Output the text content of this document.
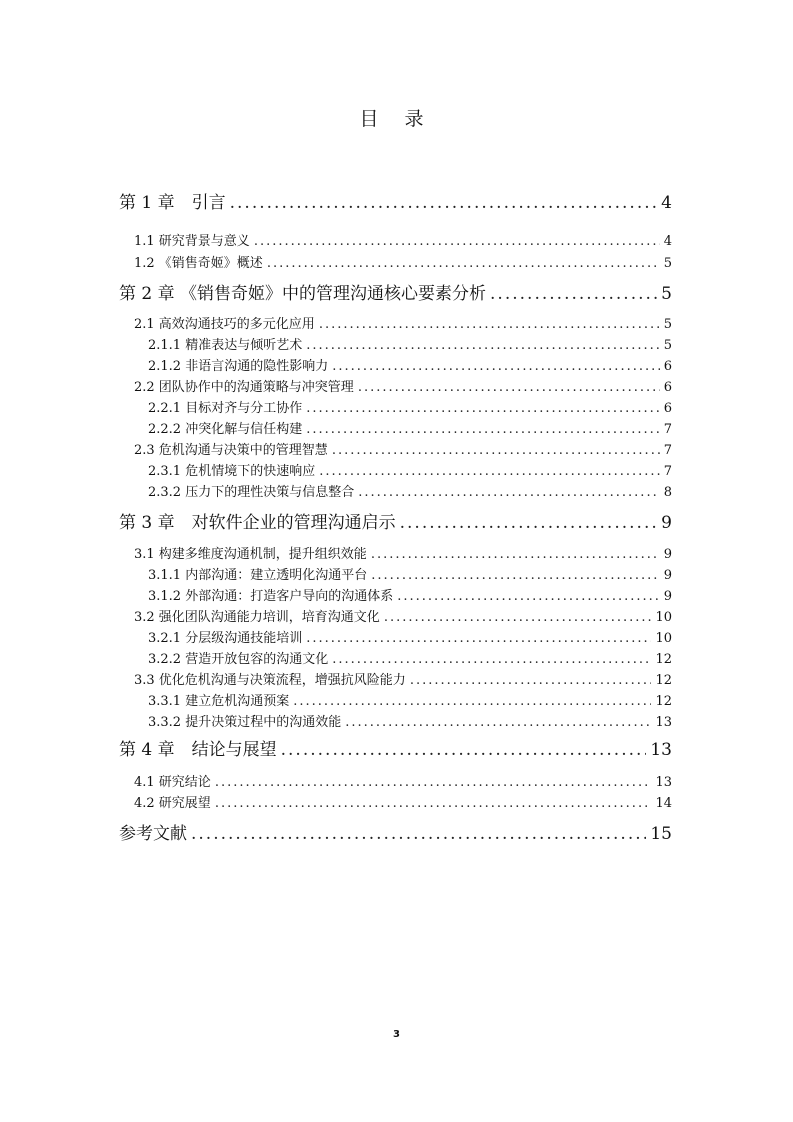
目 录
第 1 章　引言 .....	4
1.1 研究背景与意义 .....	4
1.2 《销售奇姬》概述 .....	5
第 2 章 《销售奇姬》中的管理沟通核心要素分析 .....	5
2.1 高效沟通技巧的多元化应用 .....	5
2.1.1 精准表达与倾听艺术 .....	5
2.1.2 非语言沟通的隐性影响力 .....	6
2.2 团队协作中的沟通策略与冲突管理 .....	6
2.2.1 目标对齐与分工协作 .....	6
2.2.2 冲突化解与信任构建 .....	7
2.3 危机沟通与决策中的管理智慧 .....	7
2.3.1 危机情境下的快速响应 .....	7
2.3.2 压力下的理性决策与信息整合 .....	8
第 3 章　对软件企业的管理沟通启示 .....	9
3.1 构建多维度沟通机制，提升组织效能 .....	9
3.1.1 内部沟通：建立透明化沟通平台 .....	9
3.1.2 外部沟通：打造客户导向的沟通体系 .....	9
3.2 强化团队沟通能力培训，培育沟通文化 .....	10
3.2.1 分层级沟通技能培训 .....	10
3.2.2 营造开放包容的沟通文化 .....	12
3.3 优化危机沟通与决策流程，增强抗风险能力 .....	12
3.3.1 建立危机沟通预案 .....	12
3.3.2 提升决策过程中的沟通效能 .....	13
第 4 章　结论与展望 .....	13
4.1 研究结论 .....	13
4.2 研究展望 .....	14
参考文献 .....	15
3
